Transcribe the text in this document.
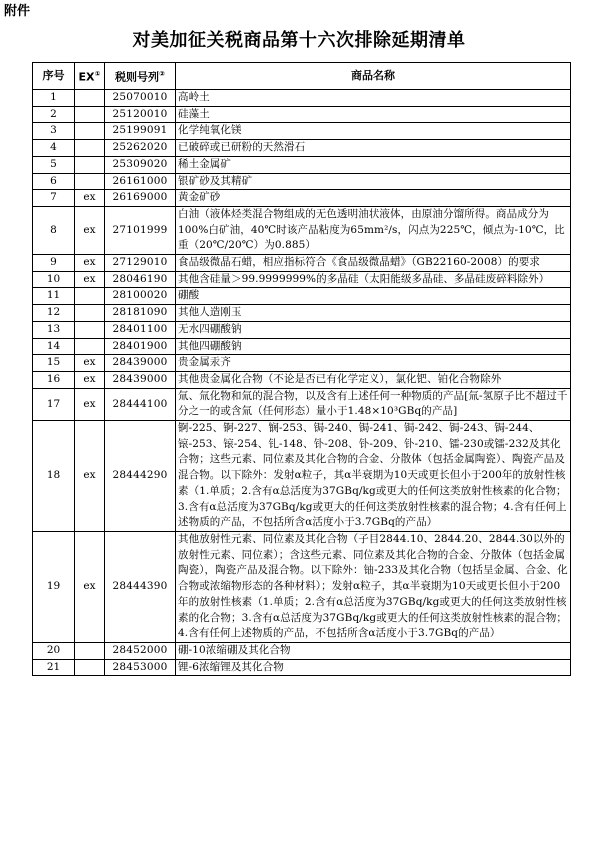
附件
对美加征关税商品第十六次排除延期清单
序号	EX①	税则号列②	商品名称
1		25070010	高岭土
2		25120010	硅藻土
3		25199091	化学纯氧化镁
4		25262020	已破碎或已研粉的天然滑石
5		25309020	稀土金属矿
6		26161000	银矿砂及其精矿
7	ex	26169000	黄金矿砂
8	ex	27101999	白油（液体烃类混合物组成的无色透明油状液体，由原油分馏所得。商品成分为100%白矿油，40℃时该产品粘度为65mm²/s，闪点为225℃，倾点为-10℃，比重（20℃/20℃）为0.885）
9	ex	27129010	食品级微晶石蜡，相应指标符合《食品级微晶蜡》（GB22160-2008）的要求
10	ex	28046190	其他含硅量＞99.9999999%的多晶硅（太阳能级多晶硅、多晶硅废碎料除外）
11		28100020	硼酸
12		28181090	其他人造刚玉
13		28401100	无水四硼酸钠
14		28401900	其他四硼酸钠
15	ex	28439000	贵金属汞齐
16	ex	28439000	其他贵金属化合物（不论是否已有化学定义），氯化钯、铂化合物除外
17	ex	28444100	氚、氚化物和氚的混合物，以及含有上述任何一种物质的产品[氚-氢原子比不超过千分之一的或含氚（任何形态）量小于1.48×10³GBq的产品]
18	ex	28444290	锕-225、锕-227、锎-253、锔-240、锔-241、锔-242、锔-243、锔-244、锿-253、锿-254、钆-148、钋-208、钋-209、钋-210、镭-230或镭-232及其化合物；这些元素、同位素及其化合物的合金、分散体（包括金属陶瓷）、陶瓷产品及混合物。以下除外：发射α粒子，其α半衰期为10天或更长但小于200年的放射性核素（1.单质；2.含有α总活度为37GBq/kg或更大的任何这类放射性核素的化合物；3.含有α总活度为37GBq/kg或更大的任何这类放射性核素的混合物；4.含有任何上述物质的产品，不包括所含α活度小于3.7GBq的产品）
19	ex	28444390	其他放射性元素、同位素及其化合物（子目2844.10、2844.20、2844.30以外的放射性元素、同位素）；含这些元素、同位素及其化合物的合金、分散体（包括金属陶瓷），陶瓷产品及混合物。以下除外：铀-233及其化合物（包括呈金属、合金、化合物或浓缩物形态的各种材料）；发射α粒子，其α半衰期为10天或更长但小于200年的放射性核素（1.单质；2.含有α总活度为37GBq/kg或更大的任何这类放射性核素的化合物；3.含有α总活度为37GBq/kg或更大的任何这类放射性核素的混合物；4.含有任何上述物质的产品，不包括所含α活度小于3.7GBq的产品）
20		28452000	硼-10浓缩硼及其化合物
21		28453000	锂-6浓缩锂及其化合物
